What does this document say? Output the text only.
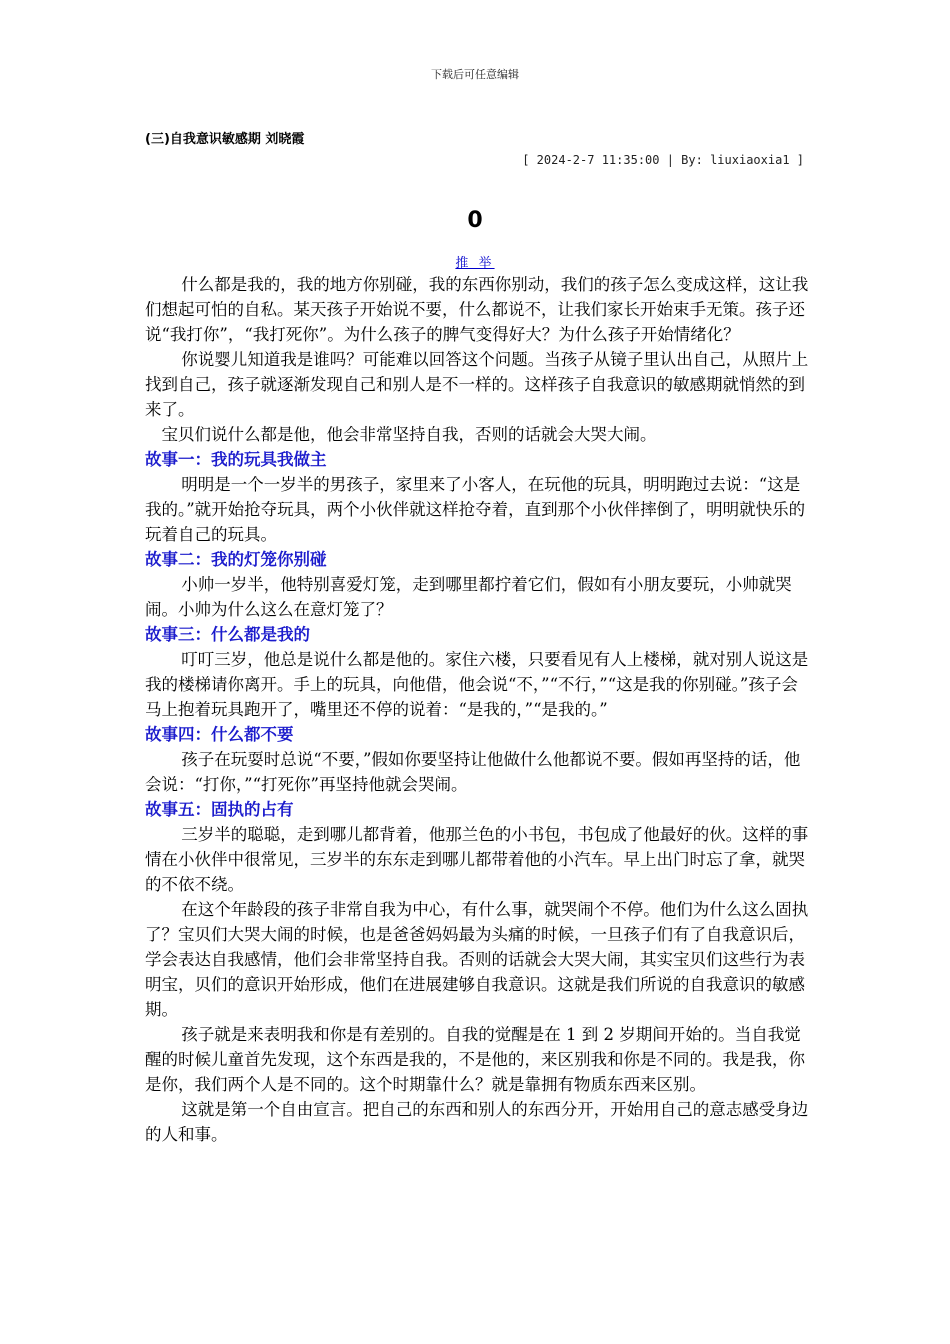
下载后可任意编辑
(三)自我意识敏感期 刘晓霞
[ 2024-2-7 11:35:00 | By: liuxiaoxia1 ]
0
推 举

什么都是我的，我的地方你别碰，我的东西你别动，我们的孩子怎么变成这样，这让我们想起可怕的自私。某天孩子开始说不要，什么都说不，让我们家长开始束手无策。孩子还说“我打你”，“我打死你”。为什么孩子的脾气变得好大？为什么孩子开始情绪化？

你说婴儿知道我是谁吗？可能难以回答这个问题。当孩子从镜子里认出自己，从照片上找到自己，孩子就逐渐发现自己和别人是不一样的。这样孩子自我意识的敏感期就悄然的到来了。

宝贝们说什么都是他，他会非常坚持自我，否则的话就会大哭大闹。

故事一：我的玩具我做主

明明是一个一岁半的男孩子，家里来了小客人，在玩他的玩具，明明跑过去说：“这是我的。”就开始抢夺玩具，两个小伙伴就这样抢夺着，直到那个小伙伴摔倒了，明明就快乐的玩着自己的玩具。

故事二：我的灯笼你别碰

小帅一岁半，他特别喜爱灯笼，走到哪里都拧着它们，假如有小朋友要玩，小帅就哭闹。小帅为什么这么在意灯笼了？

故事三：什么都是我的

叮叮三岁，他总是说什么都是他的。家住六楼，只要看见有人上楼梯，就对别人说这是我的楼梯请你离开。手上的玩具，向他借，他会说“不，”“不行，”“这是我的你别碰。”孩子会马上抱着玩具跑开了，嘴里还不停的说着：“是我的，”“是我的。”

故事四：什么都不要

孩子在玩耍时总说“不要，”假如你要坚持让他做什么他都说不要。假如再坚持的话，他会说：“打你，”“打死你”再坚持他就会哭闹。

故事五：固执的占有

三岁半的聪聪，走到哪儿都背着，他那兰色的小书包，书包成了他最好的伙。这样的事情在小伙伴中很常见，三岁半的东东走到哪儿都带着他的小汽车。早上出门时忘了拿，就哭的不依不绕。

在这个年龄段的孩子非常自我为中心，有什么事，就哭闹个不停。他们为什么这么固执了？宝贝们大哭大闹的时候，也是爸爸妈妈最为头痛的时候，一旦孩子们有了自我意识后，学会表达自我感情，他们会非常坚持自我。否则的话就会大哭大闹，其实宝贝们这些行为表明宝，贝们的意识开始形成，他们在进展建够自我意识。这就是我们所说的自我意识的敏感期。

孩子就是来表明我和你是有差别的。自我的觉醒是在 1 到 2 岁期间开始的。当自我觉醒的时候儿童首先发现，这个东西是我的，不是他的，来区别我和你是不同的。我是我，你是你，我们两个人是不同的。这个时期靠什么？就是靠拥有物质东西来区别。

这就是第一个自由宣言。把自己的东西和别人的东西分开，开始用自己的意志感受身边的人和事。
